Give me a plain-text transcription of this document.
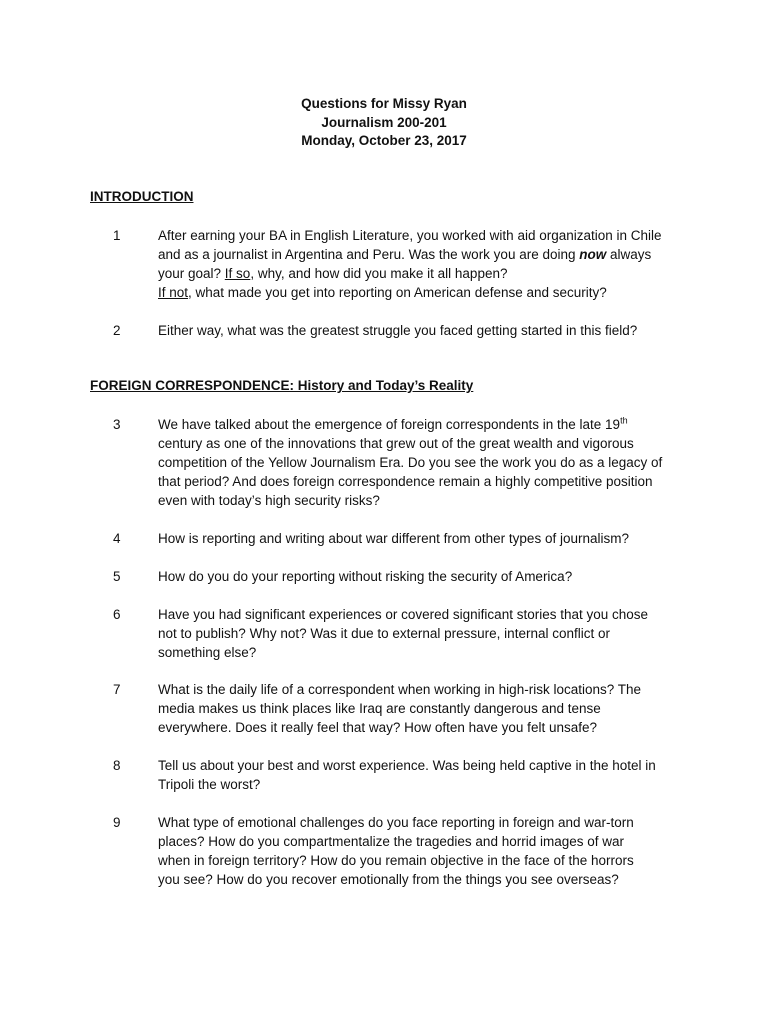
Questions for Missy Ryan
Journalism 200-201
Monday, October 23, 2017
INTRODUCTION
1	After earning your BA in English Literature, you worked with aid organization in Chile
and as a journalist in Argentina and Peru. Was the work you are doing now always
your goal? If so, why, and how did you make it all happen?
If not, what made you get into reporting on American defense and security?
2	Either way, what was the greatest struggle you faced getting started in this field?
FOREIGN CORRESPONDENCE: History and Today’s Reality
3	We have talked about the emergence of foreign correspondents in the late 19th
century as one of the innovations that grew out of the great wealth and vigorous
competition of the Yellow Journalism Era. Do you see the work you do as a legacy of
that period? And does foreign correspondence remain a highly competitive position
even with today’s high security risks?
4	How is reporting and writing about war different from other types of journalism?
5	How do you do your reporting without risking the security of America?
6	Have you had significant experiences or covered significant stories that you chose
not to publish? Why not? Was it due to external pressure, internal conflict or
something else?
7	What is the daily life of a correspondent when working in high-risk locations? The
media makes us think places like Iraq are constantly dangerous and tense
everywhere. Does it really feel that way? How often have you felt unsafe?
8	Tell us about your best and worst experience. Was being held captive in the hotel in
Tripoli the worst?
9	What type of emotional challenges do you face reporting in foreign and war-torn
places? How do you compartmentalize the tragedies and horrid images of war
when in foreign territory? How do you remain objective in the face of the horrors
you see? How do you recover emotionally from the things you see overseas?
